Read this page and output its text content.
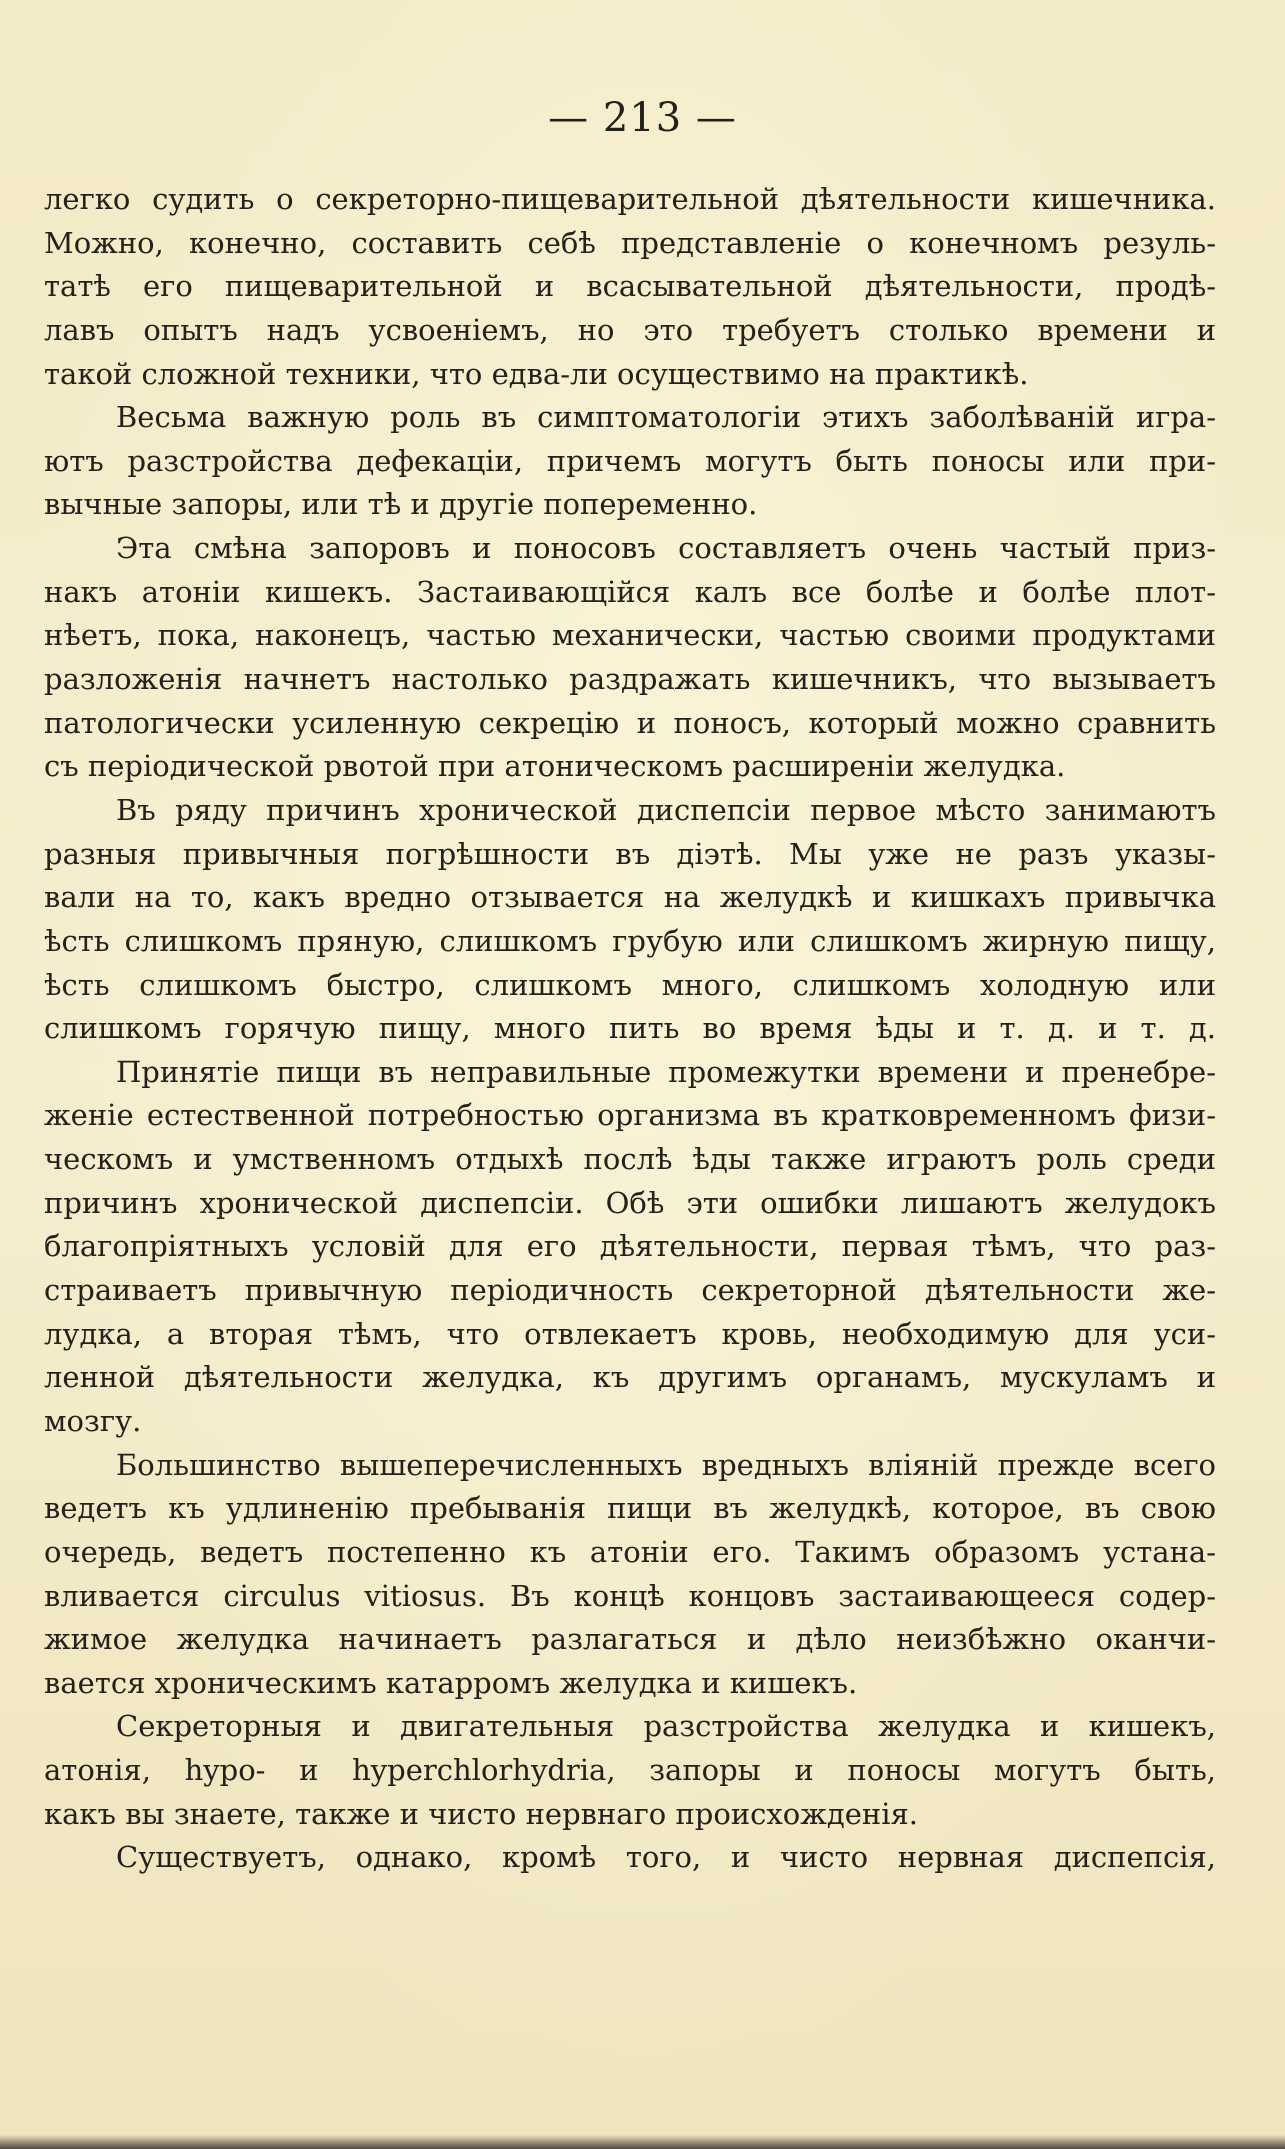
— 213 —
легко судить о секреторно-пищеварительной дѣятельности кишечника.
Можно, конечно, составить себѣ представленіе о конечномъ резуль-
татѣ его пищеварительной и всасывательной дѣятельности, продѣ-
лавъ опытъ надъ усвоеніемъ, но это требуетъ столько времени и
такой сложной техники, что едва-ли осуществимо на практикѣ.
Весьма важную роль въ симптоматологіи этихъ заболѣваній игра-
ютъ разстройства дефекаціи, причемъ могутъ быть поносы или при-
вычные запоры, или тѣ и другіе попеременно.
Эта смѣна запоровъ и поносовъ составляетъ очень частый приз-
накъ атоніи кишекъ. Застаивающійся калъ все болѣе и болѣе плот-
нѣетъ, пока, наконецъ, частью механически, частью своими продуктами
разложенія начнетъ настолько раздражать кишечникъ, что вызываетъ
патологически усиленную секрецію и поносъ, который можно сравнить
съ періодической рвотой при атоническомъ расширеніи желудка.
Въ ряду причинъ хронической диспепсіи первое мѣсто занимаютъ
разныя привычныя погрѣшности въ діэтѣ. Мы уже не разъ указы-
вали на то, какъ вредно отзывается на желудкѣ и кишкахъ привычка
ѣсть слишкомъ пряную, слишкомъ грубую или слишкомъ жирную пищу,
ѣсть слишкомъ быстро, слишкомъ много, слишкомъ холодную или
слишкомъ горячую пищу, много пить во время ѣды и т. д. и т. д.
Принятіе пищи въ неправильные промежутки времени и пренебре-
женіе естественной потребностью организма въ кратковременномъ физи-
ческомъ и умственномъ отдыхѣ послѣ ѣды также играютъ роль среди
причинъ хронической диспепсіи. Обѣ эти ошибки лишаютъ желудокъ
благопріятныхъ условій для его дѣятельности, первая тѣмъ, что раз-
страиваетъ привычную періодичность секреторной дѣятельности же-
лудка, а вторая тѣмъ, что отвлекаетъ кровь, необходимую для уси-
ленной дѣятельности желудка, къ другимъ органамъ, мускуламъ и
мозгу.
Большинство вышеперечисленныхъ вредныхъ вліяній прежде всего
ведетъ къ удлиненію пребыванія пищи въ желудкѣ, которое, въ свою
очередь, ведетъ постепенно къ атоніи его. Такимъ образомъ устана-
вливается circulus vitiosus. Въ концѣ концовъ застаивающееся содер-
жимое желудка начинаетъ разлагаться и дѣло неизбѣжно оканчи-
вается хроническимъ катарромъ желудка и кишекъ.
Секреторныя и двигательныя разстройства желудка и кишекъ,
атонія, hypo- и hyperchlorhydria, запоры и поносы могутъ быть,
какъ вы знаете, также и чисто нервнаго происхожденія.
Существуетъ, однако, кромѣ того, и чисто нервная диспепсія,
